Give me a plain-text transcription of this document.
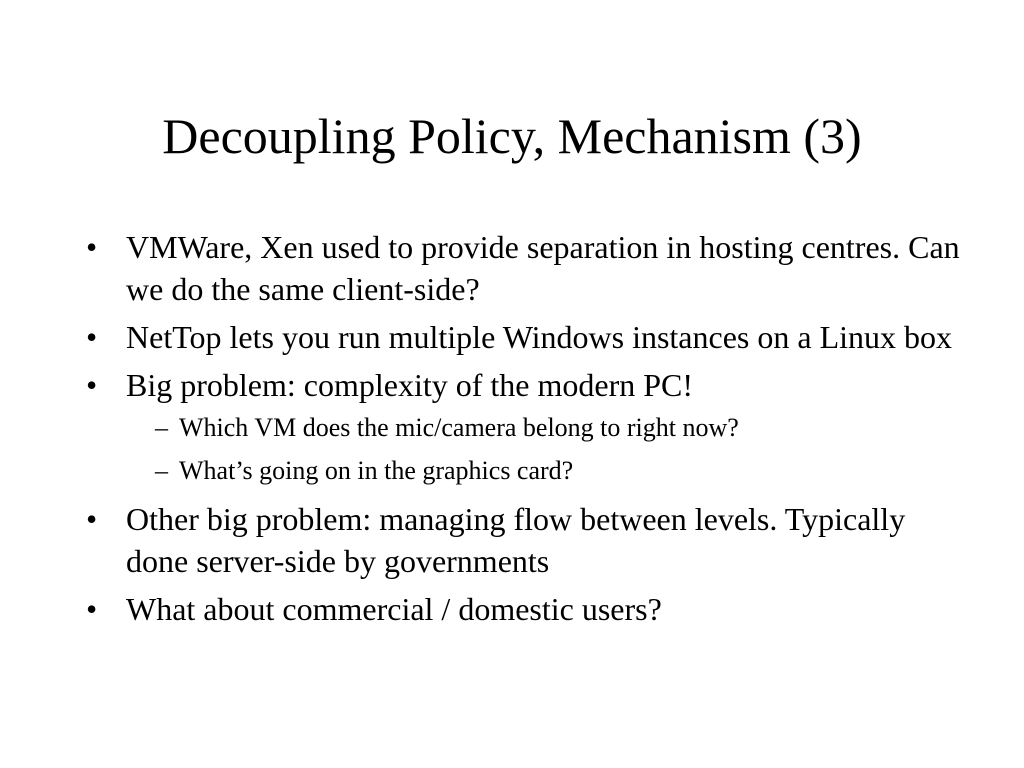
Decoupling Policy, Mechanism (3)
• VMWare, Xen used to provide separation in hosting centres. Can we do the same client-side?
• NetTop lets you run multiple Windows instances on a Linux box
• Big problem: complexity of the modern PC!
– Which VM does the mic/camera belong to right now?
– What’s going on in the graphics card?
• Other big problem: managing flow between levels. Typically done server-side by governments
• What about commercial / domestic users?
